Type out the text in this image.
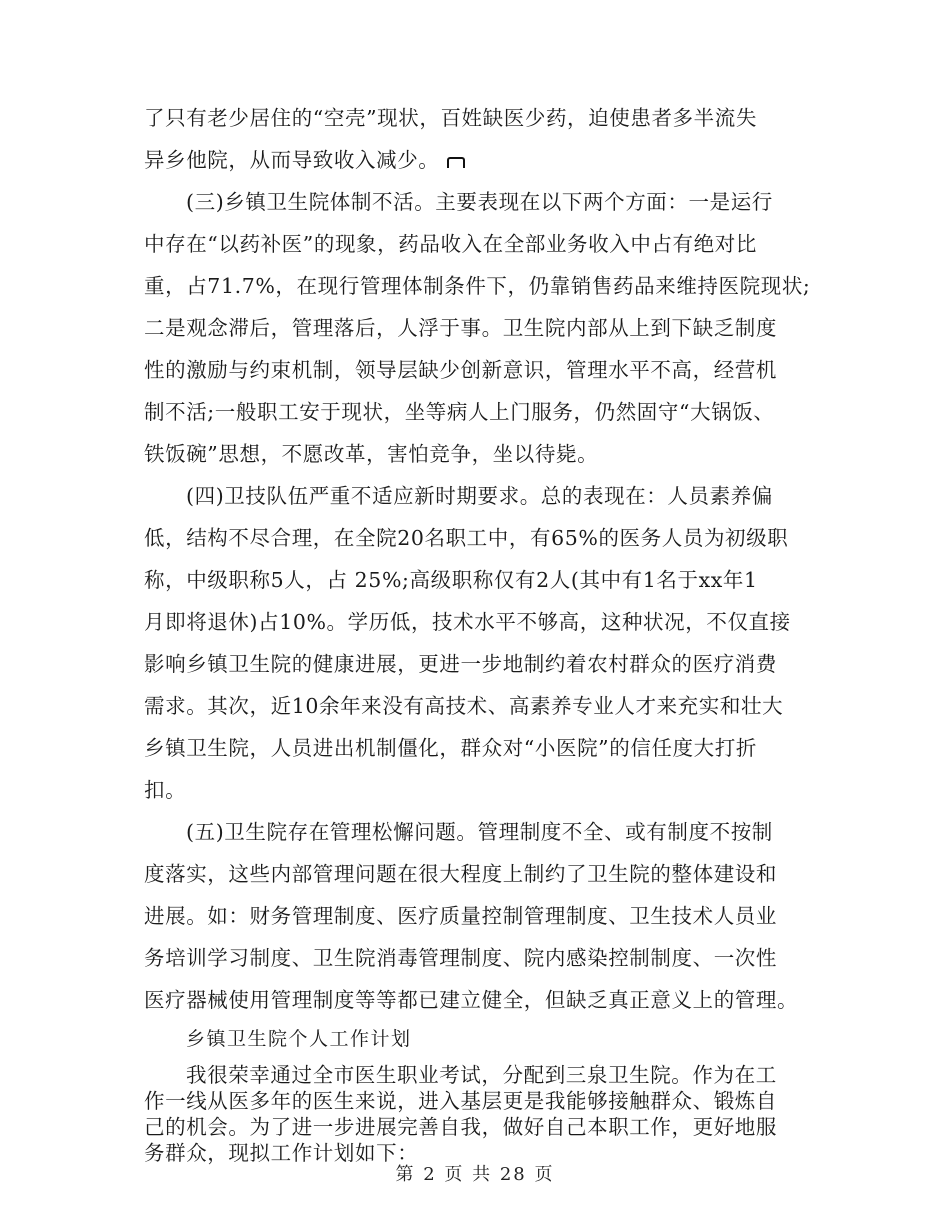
了只有老少居住的“空壳”现状，百姓缺医少药，迫使患者多半流失
异乡他院，从而导致收入减少。
(三)乡镇卫生院体制不活。主要表现在以下两个方面：一是运行
中存在“以药补医”的现象，药品收入在全部业务收入中占有绝对比
重，占71.7%，在现行管理体制条件下，仍靠销售药品来维持医院现状;
二是观念滞后，管理落后，人浮于事。卫生院内部从上到下缺乏制度
性的激励与约束机制，领导层缺少创新意识，管理水平不高，经营机
制不活;一般职工安于现状，坐等病人上门服务，仍然固守“大锅饭、
铁饭碗”思想，不愿改革，害怕竞争，坐以待毙。
(四)卫技队伍严重不适应新时期要求。总的表现在：人员素养偏
低，结构不尽合理，在全院20名职工中，有65%的医务人员为初级职
称，中级职称5人，占 25%;高级职称仅有2人(其中有1名于xx年1
月即将退休)占10%。学历低，技术水平不够高，这种状况，不仅直接
影响乡镇卫生院的健康进展，更进一步地制约着农村群众的医疗消费
需求。其次，近10余年来没有高技术、高素养专业人才来充实和壮大
乡镇卫生院，人员进出机制僵化，群众对“小医院”的信任度大打折
扣。
(五)卫生院存在管理松懈问题。管理制度不全、或有制度不按制
度落实，这些内部管理问题在很大程度上制约了卫生院的整体建设和
进展。如：财务管理制度、医疗质量控制管理制度、卫生技术人员业
务培训学习制度、卫生院消毒管理制度、院内感染控制制度、一次性
医疗器械使用管理制度等等都已建立健全，但缺乏真正意义上的管理。
乡镇卫生院个人工作计划
我很荣幸通过全市医生职业考试，分配到三泉卫生院。作为在工
作一线从医多年的医生来说，进入基层更是我能够接触群众、锻炼自
己的机会。为了进一步进展完善自我，做好自己本职工作，更好地服
务群众，现拟工作计划如下：
第 2 页 共 28 页
